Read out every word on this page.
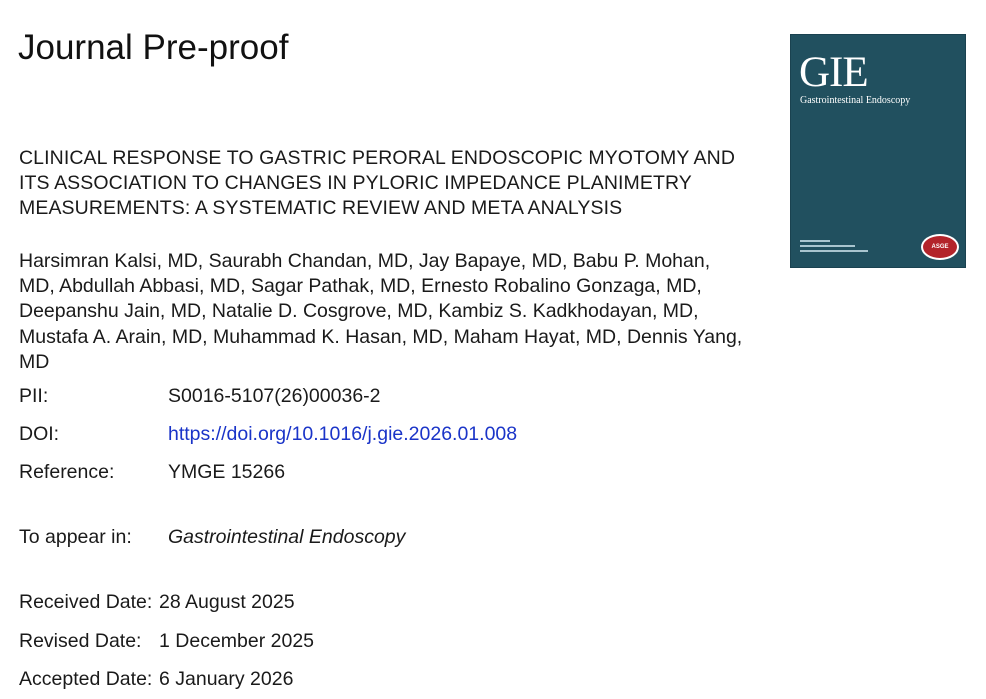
Journal Pre-proof
CLINICAL RESPONSE TO GASTRIC PERORAL ENDOSCOPIC MYOTOMY AND
ITS ASSOCIATION TO CHANGES IN PYLORIC IMPEDANCE PLANIMETRY
MEASUREMENTS: A SYSTEMATIC REVIEW AND META ANALYSIS
Harsimran Kalsi, MD, Saurabh Chandan, MD, Jay Bapaye, MD, Babu P. Mohan,
MD, Abdullah Abbasi, MD, Sagar Pathak, MD, Ernesto Robalino Gonzaga, MD,
Deepanshu Jain, MD, Natalie D. Cosgrove, MD, Kambiz S. Kadkhodayan, MD,
Mustafa A. Arain, MD, Muhammad K. Hasan, MD, Maham Hayat, MD, Dennis Yang,
MD
PII:	S0016-5107(26)00036-2
DOI:	https://doi.org/10.1016/j.gie.2026.01.008
Reference:	YMGE 15266
To appear in: Gastrointestinal Endoscopy
Received Date: 28 August 2025
Revised Date: 1 December 2025
Accepted Date: 6 January 2026
GIE
Gastrointestinal Endoscopy
ASGE
